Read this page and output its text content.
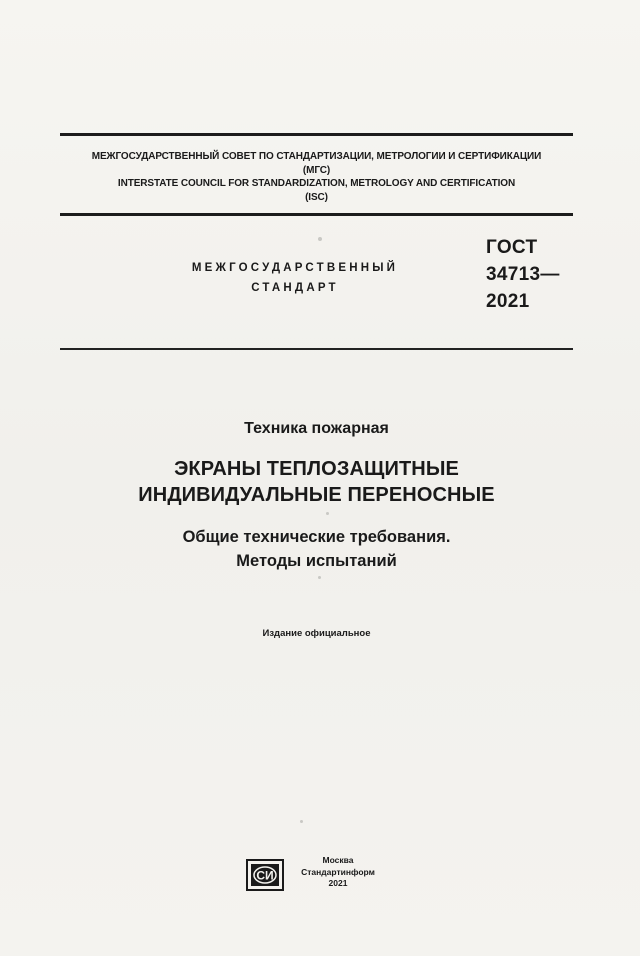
МЕЖГОСУДАРСТВЕННЫЙ СОВЕТ ПО СТАНДАРТИЗАЦИИ, МЕТРОЛОГИИ И СЕРТИФИКАЦИИ
(МГС)
INTERSTATE COUNCIL FOR STANDARDIZATION, METROLOGY AND CERTIFICATION
(ISC)
МЕЖГОСУДАРСТВЕННЫЙ
СТАНДАРТ
ГОСТ
34713—
2021
Техника пожарная
ЭКРАНЫ ТЕПЛОЗАЩИТНЫЕ
ИНДИВИДУАЛЬНЫЕ ПЕРЕНОСНЫЕ
Общие технические требования.
Методы испытаний
Издание официальное
СИ
Москва
Стандартинформ
2021
